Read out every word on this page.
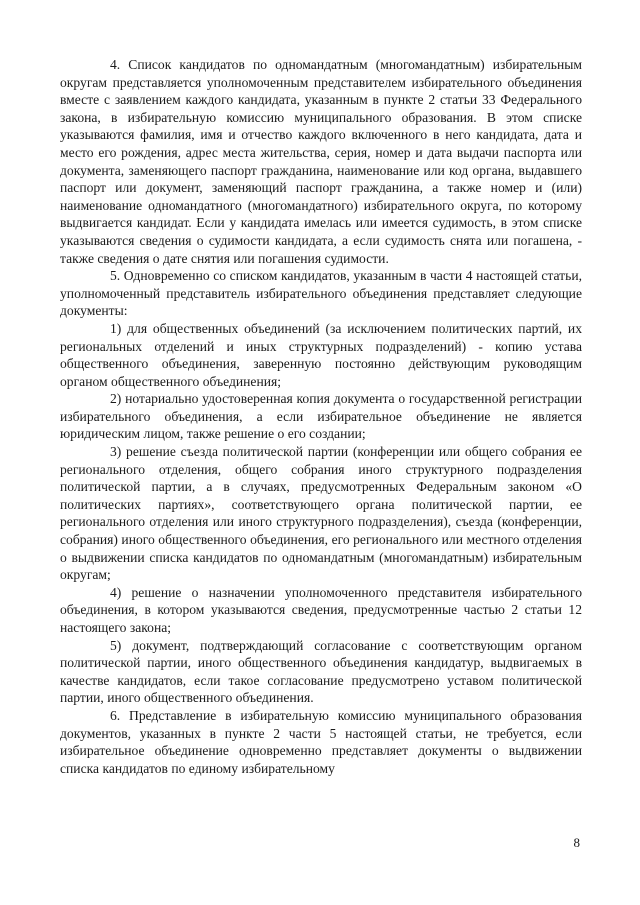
4. Список кандидатов по одномандатным (многомандатным) избирательным округам представляется уполномоченным представителем избирательного объединения вместе с заявлением каждого кандидата, указанным в пункте 2 статьи 33 Федерального закона, в избирательную комиссию муниципального образования. В этом списке указываются фамилия, имя и отчество каждого включенного в него кандидата, дата и место его рождения, адрес места жительства, серия, номер и дата выдачи паспорта или документа, заменяющего паспорт гражданина, наименование или код органа, выдавшего паспорт или документ, заменяющий паспорт гражданина, а также номер и (или) наименование одномандатного (многомандатного) избирательного округа, по которому выдвигается кандидат. Если у кандидата имелась или имеется судимость, в этом списке указываются сведения о судимости кандидата, а если судимость снята или погашена, - также сведения о дате снятия или погашения судимости.

5. Одновременно со списком кандидатов, указанным в части 4 настоящей статьи, уполномоченный представитель избирательного объединения представляет следующие документы:

1) для общественных объединений (за исключением политических партий, их региональных отделений и иных структурных подразделений) - копию устава общественного объединения, заверенную постоянно действующим руководящим органом общественного объединения;

2) нотариально удостоверенная копия документа о государственной регистрации избирательного объединения, а если избирательное объединение не является юридическим лицом, также решение о его создании;

3) решение съезда политической партии (конференции или общего собрания ее регионального отделения, общего собрания иного структурного подразделения политической партии, а в случаях, предусмотренных Федеральным законом «О политических партиях», соответствующего органа политической партии, ее регионального отделения или иного структурного подразделения), съезда (конференции, собрания) иного общественного объединения, его регионального или местного отделения о выдвижении списка кандидатов по одномандатным (многомандатным) избирательным округам;

4) решение о назначении уполномоченного представителя избирательного объединения, в котором указываются сведения, предусмотренные частью 2 статьи 12 настоящего закона;

5) документ, подтверждающий согласование с соответствующим органом политической партии, иного общественного объединения кандидатур, выдвигаемых в качестве кандидатов, если такое согласование предусмотрено уставом политической партии, иного общественного объединения.

6. Представление в избирательную комиссию муниципального образования документов, указанных в пункте 2 части 5 настоящей статьи, не требуется, если избирательное объединение одновременно представляет документы о выдвижении списка кандидатов по единому избирательному

8
